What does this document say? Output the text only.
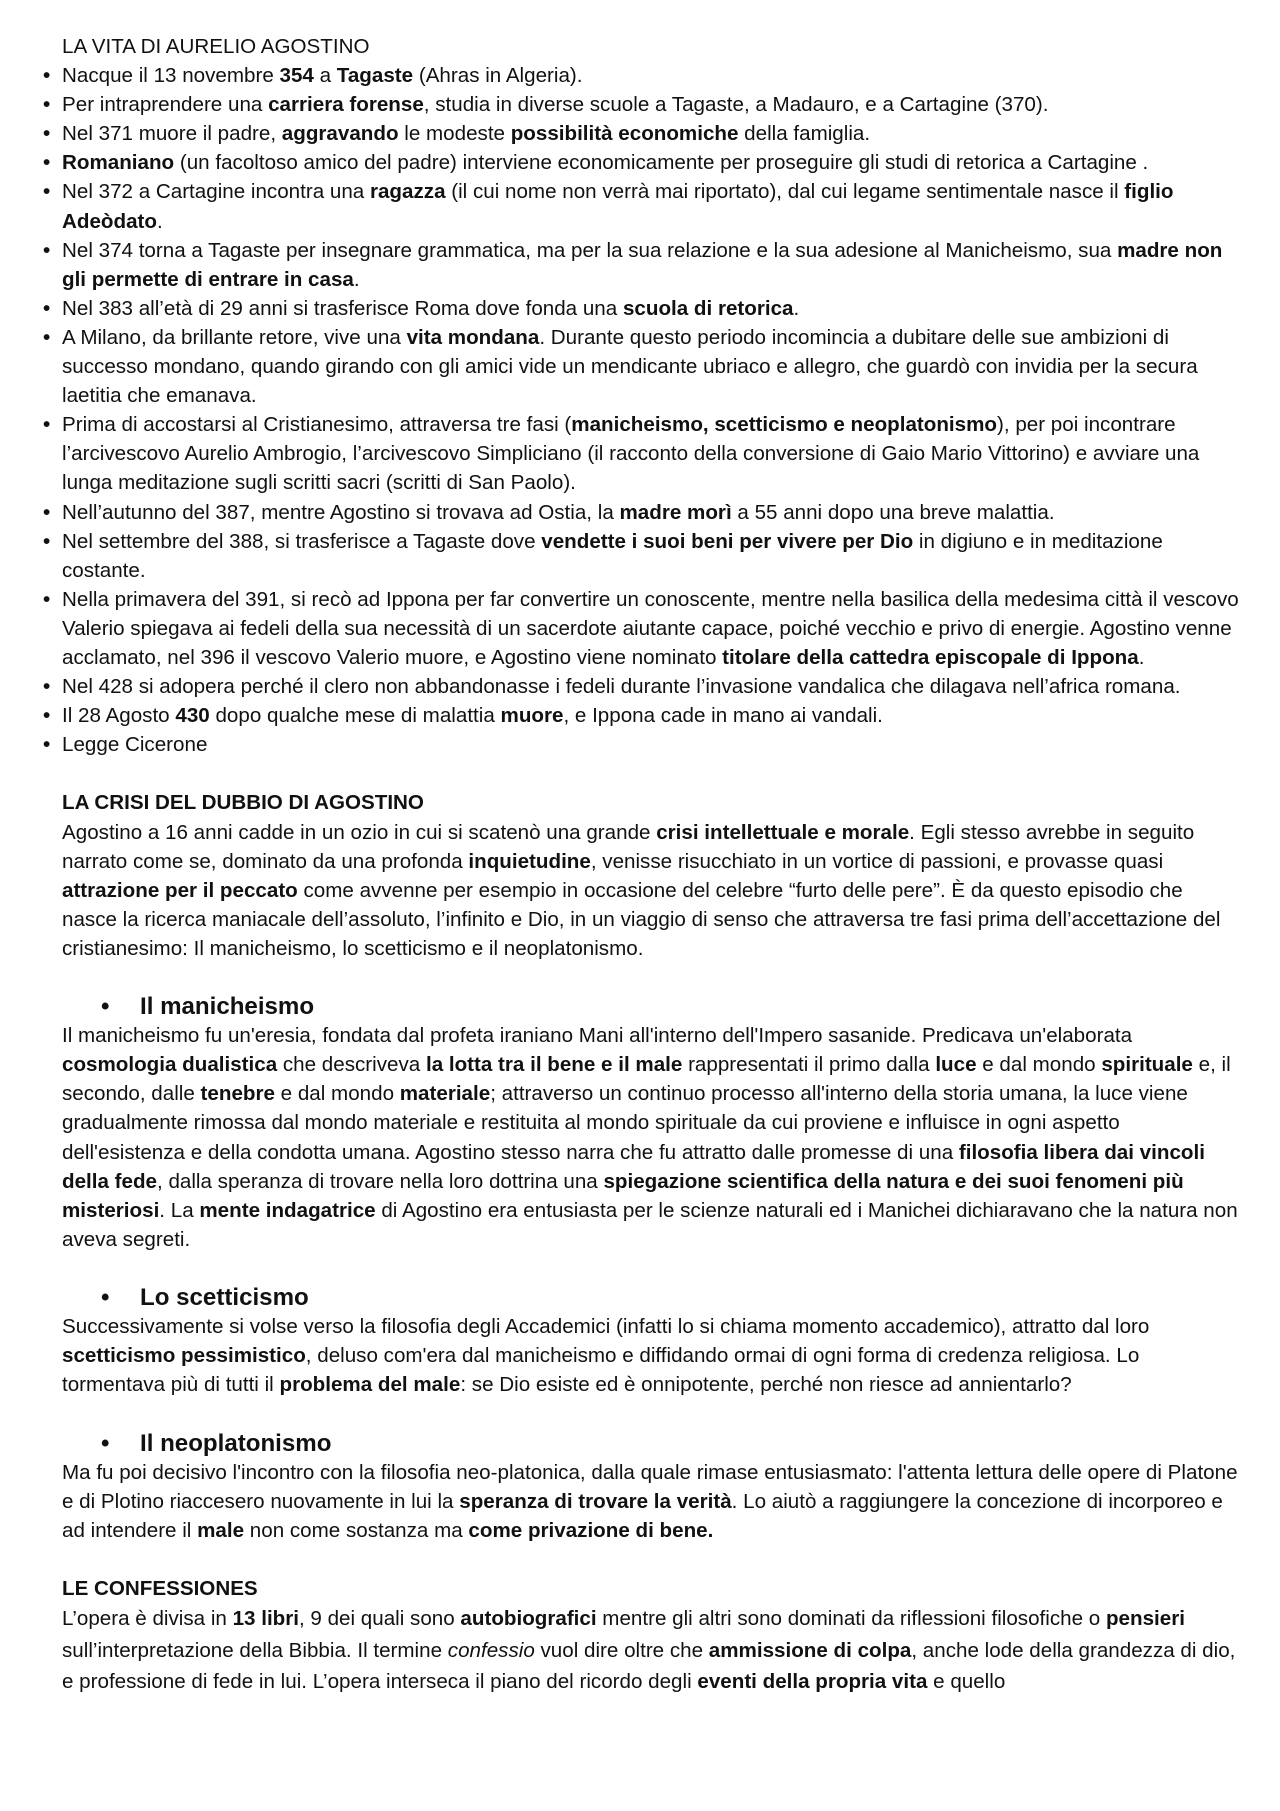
LA VITA DI AURELIO AGOSTINO
• Nacque il 13 novembre 354 a Tagaste (Ahras in Algeria).
• Per intraprendere una carriera forense, studia in diverse scuole a Tagaste, a Madauro, e a Cartagine (370).
• Nel 371 muore il padre, aggravando le modeste possibilità economiche della famiglia.
• Romaniano (un facoltoso amico del padre) interviene economicamente per proseguire gli studi di retorica a Cartagine .
• Nel 372 a Cartagine incontra una ragazza (il cui nome non verrà mai riportato), dal cui legame sentimentale nasce il figlio Adeòdato.
• Nel 374 torna a Tagaste per insegnare grammatica, ma per la sua relazione e la sua adesione al Manicheismo, sua madre non gli permette di entrare in casa.
• Nel 383 all’età di 29 anni si trasferisce Roma dove fonda una scuola di retorica.
• A Milano, da brillante retore, vive una vita mondana. Durante questo periodo incomincia a dubitare delle sue ambizioni di successo mondano, quando girando con gli amici vide un mendicante ubriaco e allegro, che guardò con invidia per la secura laetitia che emanava.
• Prima di accostarsi al Cristianesimo, attraversa tre fasi (manicheismo, scetticismo e neoplatonismo), per poi incontrare l’arcivescovo Aurelio Ambrogio, l’arcivescovo Simpliciano (il racconto della conversione di Gaio Mario Vittorino) e avviare una lunga meditazione sugli scritti sacri (scritti di San Paolo).
• Nell’autunno del 387, mentre Agostino si trovava ad Ostia, la madre morì a 55 anni dopo una breve malattia.
• Nel settembre del 388, si trasferisce a Tagaste dove vendette i suoi beni per vivere per Dio in digiuno e in meditazione costante.
• Nella primavera del 391, si recò ad Ippona per far convertire un conoscente, mentre nella basilica della medesima città il vescovo Valerio spiegava ai fedeli della sua necessità di un sacerdote aiutante capace, poiché vecchio e privo di energie. Agostino venne acclamato, nel 396 il vescovo Valerio muore, e Agostino viene nominato titolare della cattedra episcopale di Ippona.
• Nel 428 si adopera perché il clero non abbandonasse i fedeli durante l’invasione vandalica che dilagava nell’africa romana.
• Il 28 Agosto 430 dopo qualche mese di malattia muore, e Ippona cade in mano ai vandali.
• Legge Cicerone
LA CRISI DEL DUBBIO DI AGOSTINO

Agostino a 16 anni cadde in un ozio in cui si scatenò una grande crisi intellettuale e morale. Egli stesso avrebbe in seguito narrato come se, dominato da una profonda inquietudine, venisse risucchiato in un vortice di passioni, e provasse quasi attrazione per il peccato come avvenne per esempio in occasione del celebre “furto delle pere”. È da questo episodio che nasce la ricerca maniacale dell’assoluto, l’infinito e Dio, in un viaggio di senso che attraversa tre fasi prima dell’accettazione del cristianesimo: Il manicheismo, lo scetticismo e il neoplatonismo.

• Il manicheismo

Il manicheismo fu un'eresia, fondata dal profeta iraniano Mani all'interno dell'Impero sasanide. Predicava un'elaborata cosmologia dualistica che descriveva la lotta tra il bene e il male rappresentati il primo dalla luce e dal mondo spirituale e, il secondo, dalle tenebre e dal mondo materiale; attraverso un continuo processo all'interno della storia umana, la luce viene gradualmente rimossa dal mondo materiale e restituita al mondo spirituale da cui proviene e influisce in ogni aspetto dell'esistenza e della condotta umana. Agostino stesso narra che fu attratto dalle promesse di una filosofia libera dai vincoli della fede, dalla speranza di trovare nella loro dottrina una spiegazione scientifica della natura e dei suoi fenomeni più misteriosi. La mente indagatrice di Agostino era entusiasta per le scienze naturali ed i Manichei dichiaravano che la natura non aveva segreti.

• Lo scetticismo

Successivamente si volse verso la filosofia degli Accademici (infatti lo si chiama momento accademico), attratto dal loro scetticismo pessimistico, deluso com'era dal manicheismo e diffidando ormai di ogni forma di credenza religiosa. Lo tormentava più di tutti il problema del male: se Dio esiste ed è onnipotente, perché non riesce ad annientarlo?

• Il neoplatonismo

Ma fu poi decisivo l'incontro con la filosofia neo-platonica, dalla quale rimase entusiasmato: l'attenta lettura delle opere di Platone e di Plotino riaccesero nuovamente in lui la speranza di trovare la verità. Lo aiutò a raggiungere la concezione di incorporeo e ad intendere il male non come sostanza ma come privazione di bene.

LE CONFESSIONES

L’opera è divisa in 13 libri, 9 dei quali sono autobiografici mentre gli altri sono dominati da riflessioni filosofiche o pensieri sull’interpretazione della Bibbia. Il termine confessio vuol dire oltre che ammissione di colpa, anche lode della grandezza di dio, e professione di fede in lui. L’opera interseca il piano del ricordo degli eventi della propria vita e quello
